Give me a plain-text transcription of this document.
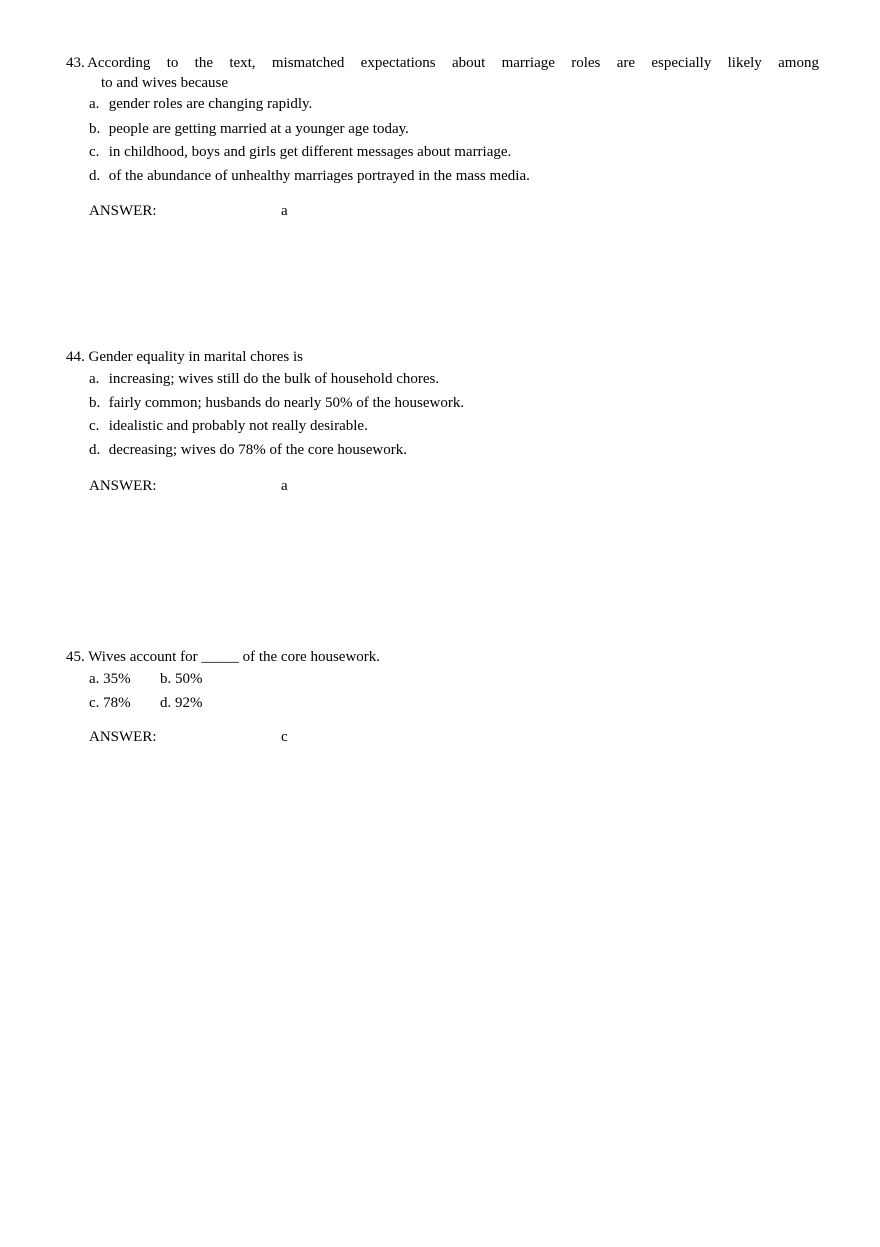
43. According to the text, mismatched expectations about marriage roles are especially likely among
to and wives because
a. gender roles are changing rapidly.
b. people are getting married at a younger age today.
c. in childhood, boys and girls get different messages about marriage.
d. of the abundance of unhealthy marriages portrayed in the mass media.
ANSWER:	a
44. Gender equality in marital chores is
a. increasing; wives still do the bulk of household chores.
b. fairly common; husbands do nearly 50% of the housework.
c. idealistic and probably not really desirable.
d. decreasing; wives do 78% of the core housework.
ANSWER:	a
45. Wives account for _____ of the core housework.
a. 35% b. 50%
c. 78% d. 92%
ANSWER:	c
